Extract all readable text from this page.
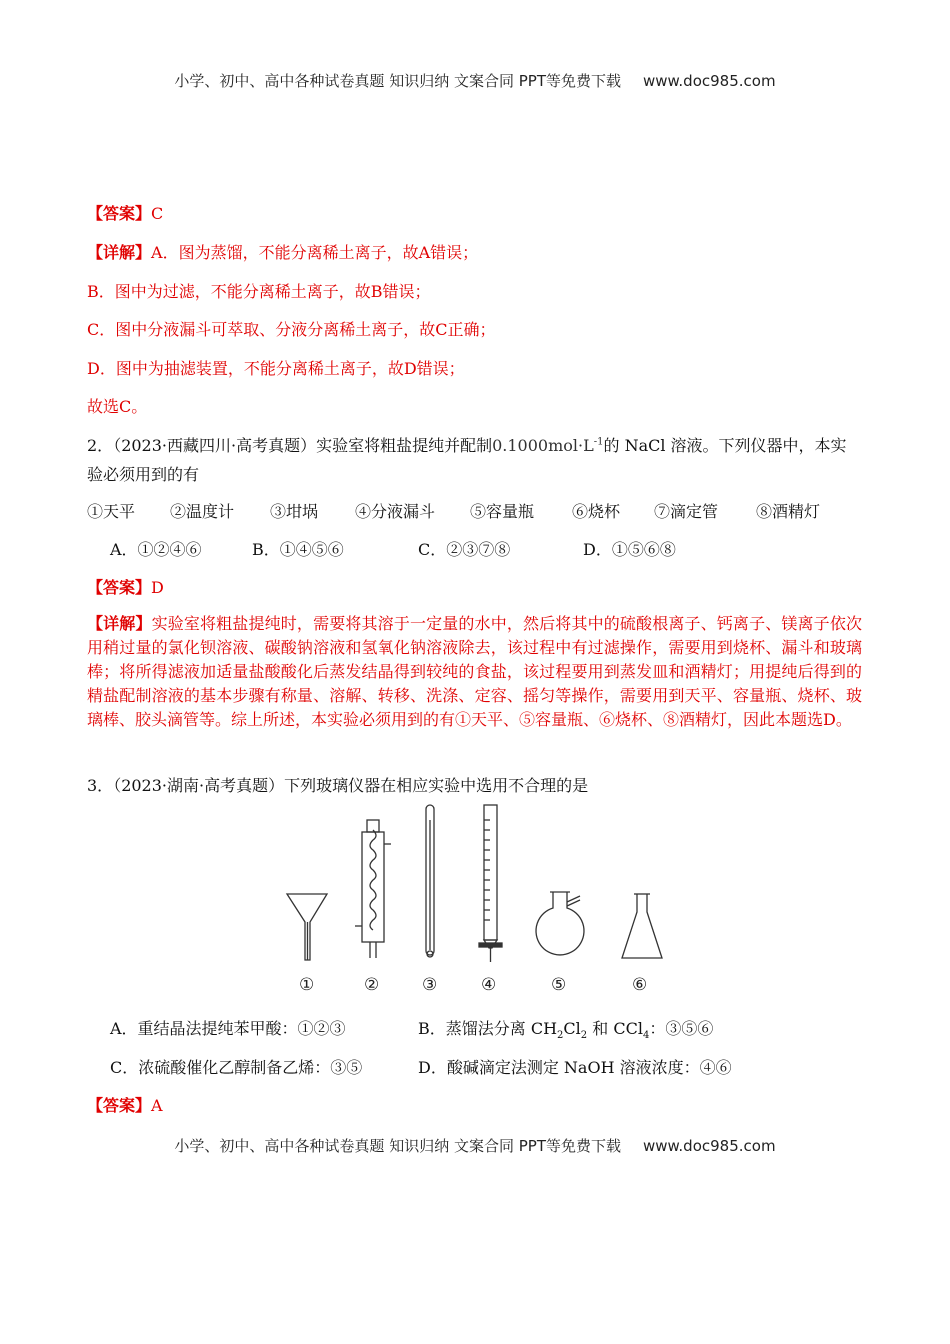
小学、初中、高中各种试卷真题 知识归纳 文案合同 PPT等免费下载 www.doc985.com
【答案】C
【详解】A．图为蒸馏，不能分离稀土离子，故A错误；
B．图中为过滤，不能分离稀土离子，故B错误；
C．图中分液漏斗可萃取、分液分离稀土离子，故C正确；
D．图中为抽滤装置，不能分离稀土离子，故D错误；
故选C。
2．（2023·西藏四川·高考真题）实验室将粗盐提纯并配制$0.1000mol\cdot L^{-1}$的 NaCl 溶液。下列仪器中，本实
验必须用到的有
①天平 ②温度计 ③坩埚 ④分液漏斗 ⑤容量瓶 ⑥烧杯 ⑦滴定管 ⑧酒精灯
A．①②④⑥	B．①④⑤⑥	C．②③⑦⑧	D．①⑤⑥⑧
【答案】D
【详解】实验室将粗盐提纯时，需要将其溶于一定量的水中，然后将其中的硫酸根离子、钙离子、镁离子依次用稍过量的氯化钡溶液、碳酸钠溶液和氢氧化钠溶液除去，该过程中有过滤操作，需要用到烧杯、漏斗和玻璃棒；将所得滤液加适量盐酸酸化后蒸发结晶得到较纯的食盐，该过程要用到蒸发皿和酒精灯；用提纯后得到的精盐配制溶液的基本步骤有称量、溶解、转移、洗涤、定容、摇匀等操作，需要用到天平、容量瓶、烧杯、玻璃棒、胶头滴管等。综上所述，本实验必须用到的有①天平、⑤容量瓶、⑥烧杯、⑧酒精灯，因此本题选D。
3．（2023·湖南·高考真题）下列玻璃仪器在相应实验中选用不合理的是
①	②	③	④	⑤	⑥
A．重结晶法提纯苯甲酸：①②③	B．蒸馏法分离 $CH_2Cl_2$ 和 CCl$_4$：③⑤⑥
C．浓硫酸催化乙醇制备乙烯：③⑤	D．酸碱滴定法测定 NaOH 溶液浓度：④⑥
【答案】A
小学、初中、高中各种试卷真题 知识归纳 文案合同 PPT等免费下载 www.doc985.com
